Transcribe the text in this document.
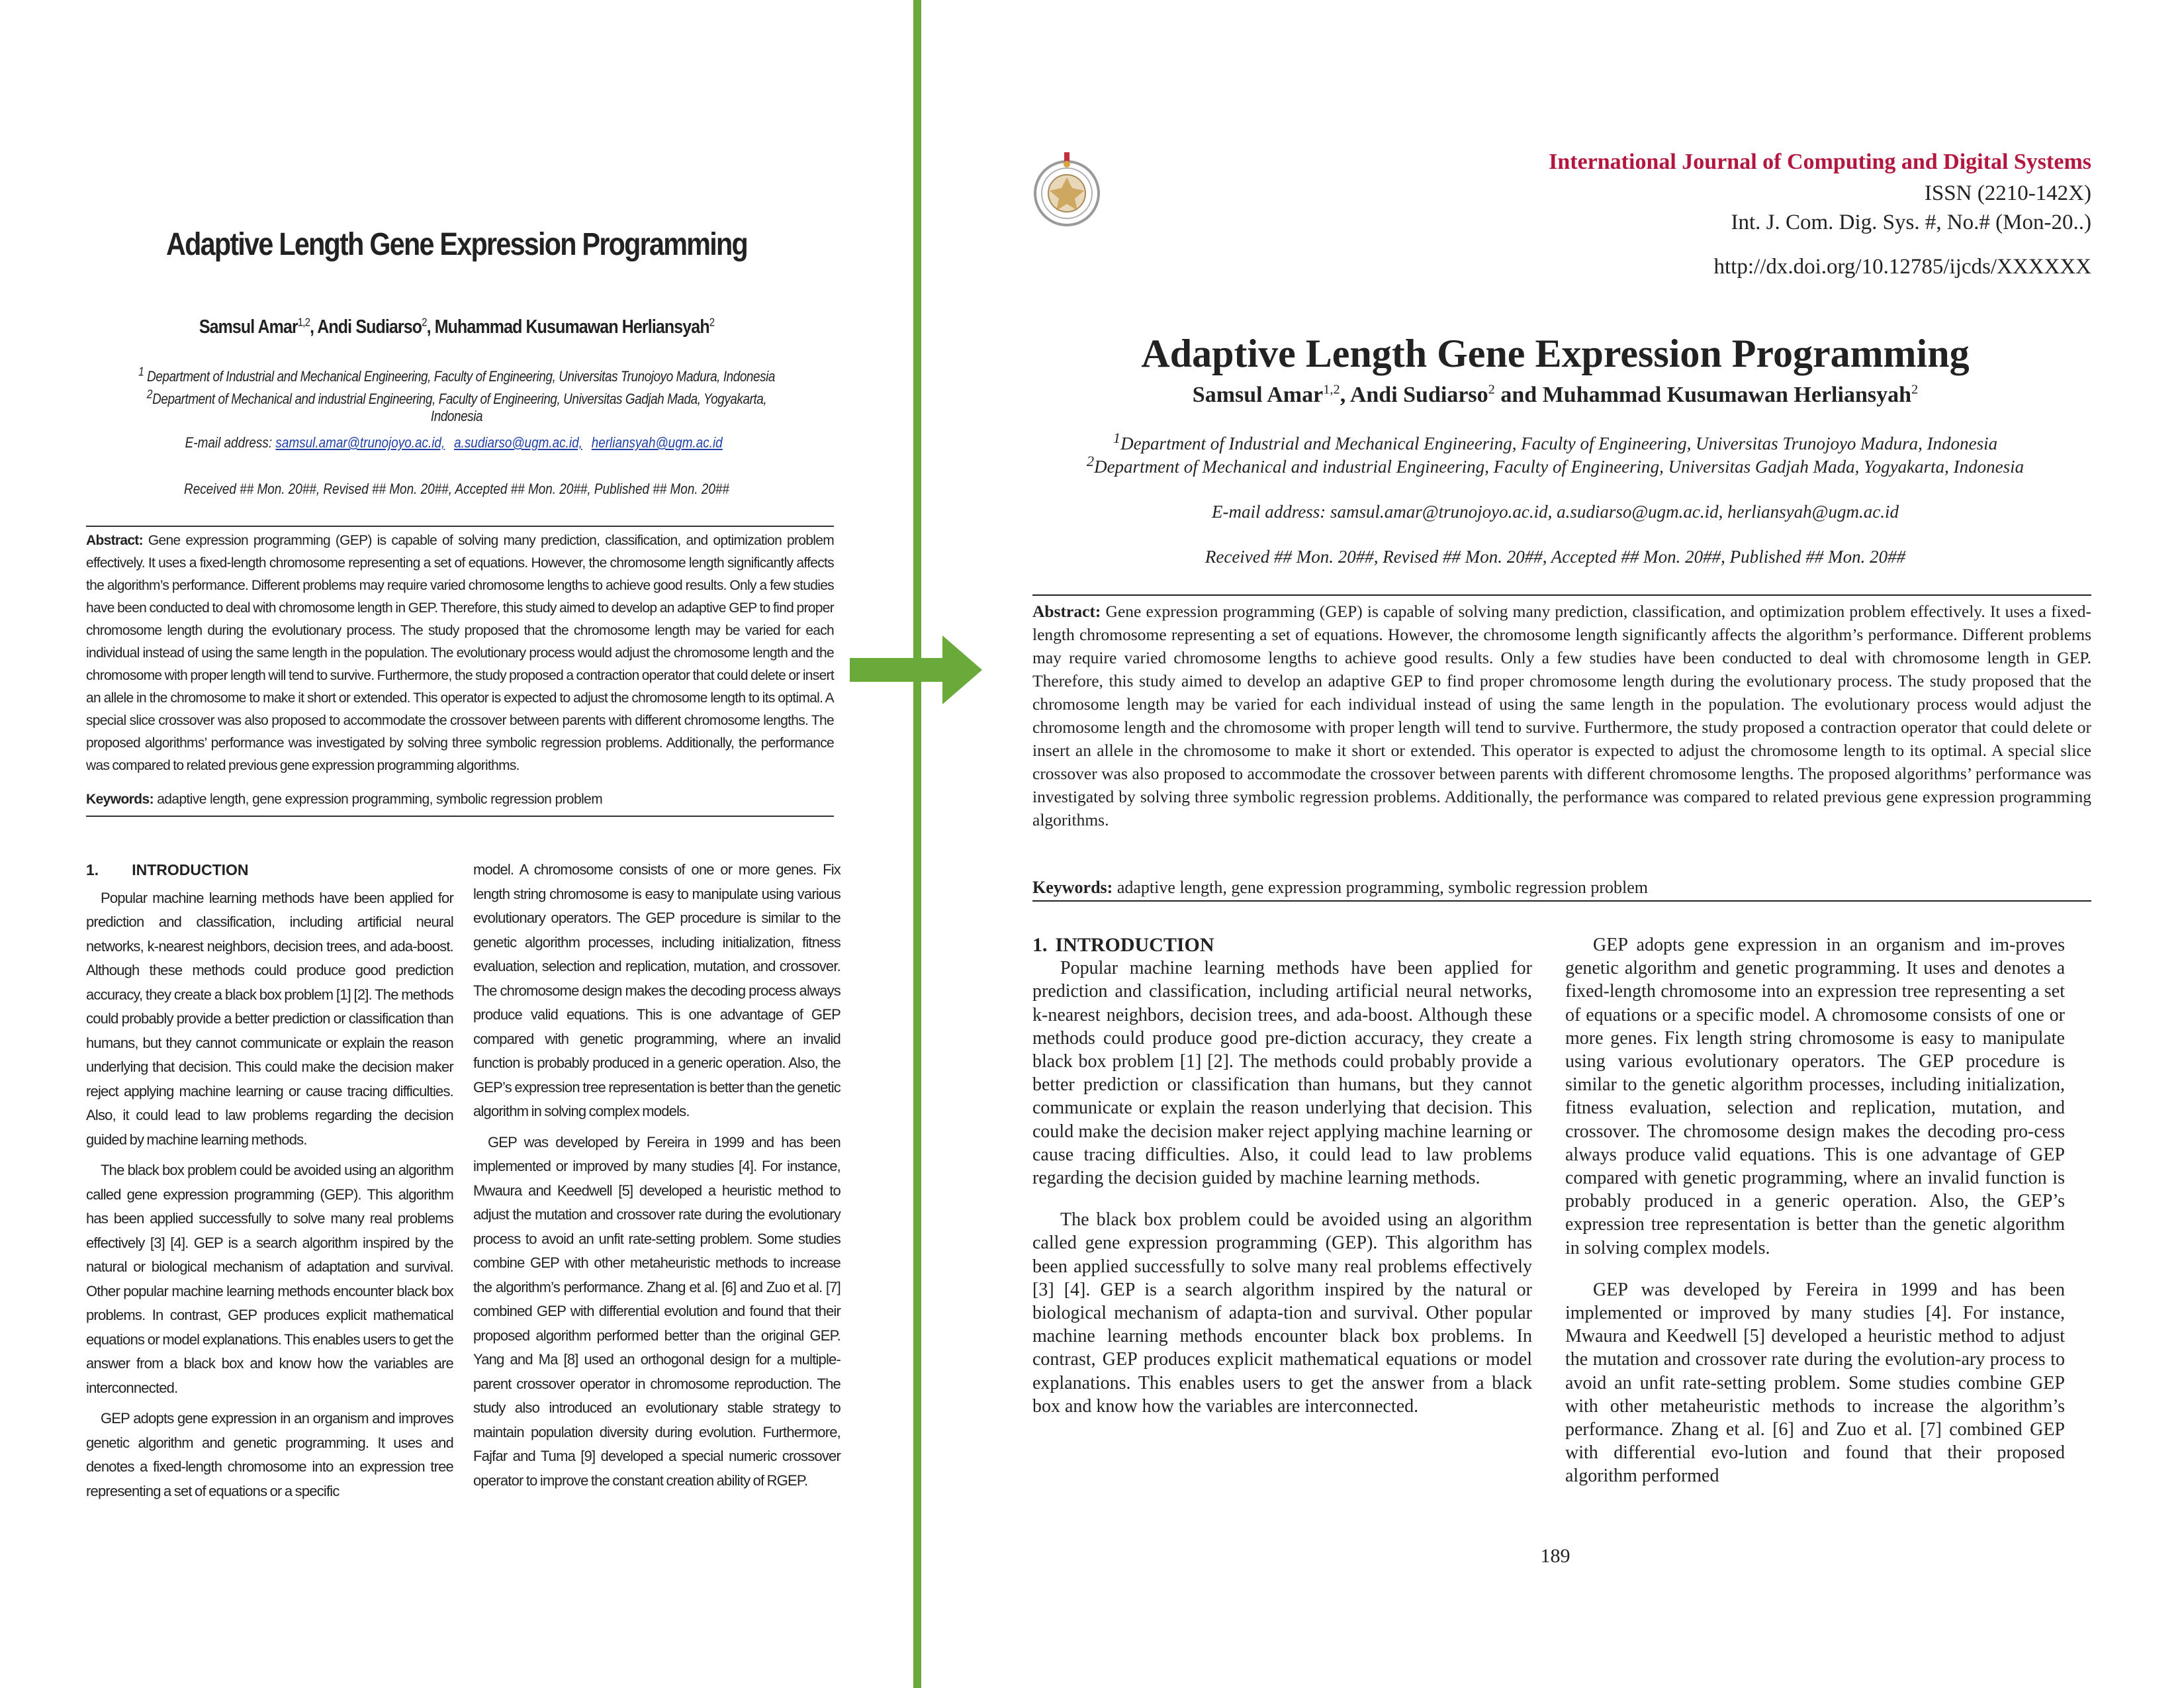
Adaptive Length Gene Expression Programming
Samsul Amar$^{1,2}$, Andi Sudiarso$^2$, Muhammad Kusumawan Herliansyah$^2$
$^1$ Department of Industrial and Mechanical Engineering, Faculty of Engineering, Universitas Trunojoyo Madura, Indonesia
$^2$Department of Mechanical and industrial Engineering, Faculty of Engineering, Universitas Gadjah Mada, Yogyakarta, Indonesia
E-mail address: samsul.amar@trunojoyo.ac.id, a.sudiarso@ugm.ac.id, herliansyah@ugm.ac.id
Received ## Mon. 20##, Revised ## Mon. 20##, Accepted ## Mon. 20##, Published ## Mon. 20##
Abstract: Gene expression programming (GEP) is capable of solving many prediction, classification, and optimization problem effectively. It uses a fixed-length chromosome representing a set of equations. However, the chromosome length significantly affects the algorithm’s performance. Different problems may require varied chromosome lengths to achieve good results. Only a few studies have been conducted to deal with chromosome length in GEP. Therefore, this study aimed to develop an adaptive GEP to find proper chromosome length during the evolutionary process. The study proposed that the chromosome length may be varied for each individual instead of using the same length in the population. The evolutionary process would adjust the chromosome length and the chromosome with proper length will tend to survive. Furthermore, the study proposed a contraction operator that could delete or insert an allele in the chromosome to make it short or extended. This operator is expected to adjust the chromosome length to its optimal. A special slice crossover was also proposed to accommodate the crossover between parents with different chromosome lengths. The proposed algorithms’ performance was investigated by solving three symbolic regression problems. Additionally, the performance was compared to related previous gene expression programming algorithms.
Keywords: adaptive length, gene expression programming, symbolic regression problem
1. INTRODUCTION

Popular machine learning methods have been applied for prediction and classification, including artificial neural networks, k-nearest neighbors, decision trees, and ada-boost. Although these methods could produce good prediction accuracy, they create a black box problem [1] [2]. The methods could probably provide a better prediction or classification than humans, but they cannot communicate or explain the reason underlying that decision. This could make the decision maker reject applying machine learning or cause tracing difficulties. Also, it could lead to law problems regarding the decision guided by machine learning methods.

The black box problem could be avoided using an algorithm called gene expression programming (GEP). This algorithm has been applied successfully to solve many real problems effectively [3] [4]. GEP is a search algorithm inspired by the natural or biological mechanism of adaptation and survival. Other popular machine learning methods encounter black box problems. In contrast, GEP produces explicit mathematical equations or model explanations. This enables users to get the answer from a black box and know how the variables are interconnected.

GEP adopts gene expression in an organism and improves genetic algorithm and genetic programming. It uses and denotes a fixed-length chromosome into an expression tree representing a set of equations or a specific

model. A chromosome consists of one or more genes. Fix length string chromosome is easy to manipulate using various evolutionary operators. The GEP procedure is similar to the genetic algorithm processes, including initialization, fitness evaluation, selection and replication, mutation, and crossover. The chromosome design makes the decoding process always produce valid equations. This is one advantage of GEP compared with genetic programming, where an invalid function is probably produced in a generic operation. Also, the GEP’s expression tree representation is better than the genetic algorithm in solving complex models.

GEP was developed by Fereira in 1999 and has been implemented or improved by many studies [4]. For instance, Mwaura and Keedwell [5] developed a heuristic method to adjust the mutation and crossover rate during the evolutionary process to avoid an unfit rate-setting problem. Some studies combine GEP with other metaheuristic methods to increase the algorithm’s performance. Zhang et al. [6] and Zuo et al. [7] combined GEP with differential evolution and found that their proposed algorithm performed better than the original GEP. Yang and Ma [8] used an orthogonal design for a multiple-parent crossover operator in chromosome reproduction. The study also introduced an evolutionary stable strategy to maintain population diversity during evolution. Furthermore, Fajfar and Tuma [9] developed a special numeric crossover operator to improve the constant creation ability of RGEP.

International Journal of Computing and Digital Systems
ISSN (2210-142X)
Int. J. Com. Dig. Sys. #, No.# (Mon-20..)
http://dx.doi.org/10.12785/ijcds/XXXXXX
Adaptive Length Gene Expression Programming
Samsul Amar$^{1,2}$, Andi Sudiarso$^2$ and Muhammad Kusumawan Herliansyah$^2$
$^1$Department of Industrial and Mechanical Engineering, Faculty of Engineering, Universitas Trunojoyo Madura, Indonesia
$^2$Department of Mechanical and industrial Engineering, Faculty of Engineering, Universitas Gadjah Mada, Yogyakarta, Indonesia
E-mail address: samsul.amar@trunojoyo.ac.id, a.sudiarso@ugm.ac.id, herliansyah@ugm.ac.id
Received ## Mon. 20##, Revised ## Mon. 20##, Accepted ## Mon. 20##, Published ## Mon. 20##
Abstract: Gene expression programming (GEP) is capable of solving many prediction, classification, and optimization problem effectively. It uses a fixed-length chromosome representing a set of equations. However, the chromosome length significantly affects the algorithm’s performance. Different problems may require varied chromosome lengths to achieve good results. Only a few studies have been conducted to deal with chromosome length in GEP. Therefore, this study aimed to develop an adaptive GEP to find proper chromosome length during the evolutionary process. The study proposed that the chromosome length may be varied for each individual instead of using the same length in the population. The evolutionary process would adjust the chromosome length and the chromosome with proper length will tend to survive. Furthermore, the study proposed a contraction operator that could delete or insert an allele in the chromosome to make it short or extended. This operator is expected to adjust the chromosome length to its optimal. A special slice crossover was also proposed to accommodate the crossover between parents with different chromosome lengths. The proposed algorithms’ performance was investigated by solving three symbolic regression problems. Additionally, the performance was compared to related previous gene expression programming algorithms.
Keywords: adaptive length, gene expression programming, symbolic regression problem
1. INTRODUCTION

Popular machine learning methods have been applied for prediction and classification, including artificial neural networks, k-nearest neighbors, decision trees, and ada-boost. Although these methods could produce good pre-diction accuracy, they create a black box problem [1] [2]. The methods could probably provide a better prediction or classification than humans, but they cannot communicate or explain the reason underlying that decision. This could make the decision maker reject applying machine learning or cause tracing difficulties. Also, it could lead to law problems regarding the decision guided by machine learning methods.

The black box problem could be avoided using an algorithm called gene expression programming (GEP). This algorithm has been applied successfully to solve many real problems effectively [3] [4]. GEP is a search algorithm inspired by the natural or biological mechanism of adapta-tion and survival. Other popular machine learning methods encounter black box problems. In contrast, GEP produces explicit mathematical equations or model explanations. This enables users to get the answer from a black box and know how the variables are interconnected.

GEP adopts gene expression in an organism and im-proves genetic algorithm and genetic programming. It uses and denotes a fixed-length chromosome into an expression tree representing a set of equations or a specific model. A chromosome consists of one or more genes. Fix length string chromosome is easy to manipulate using various evolutionary operators. The GEP procedure is similar to the genetic algorithm processes, including initialization, fitness evaluation, selection and replication, mutation, and crossover. The chromosome design makes the decoding pro-cess always produce valid equations. This is one advantage of GEP compared with genetic programming, where an invalid function is probably produced in a generic operation. Also, the GEP’s expression tree representation is better than the genetic algorithm in solving complex models.

GEP was developed by Fereira in 1999 and has been implemented or improved by many studies [4]. For instance, Mwaura and Keedwell [5] developed a heuristic method to adjust the mutation and crossover rate during the evolution-ary process to avoid an unfit rate-setting problem. Some studies combine GEP with other metaheuristic methods to increase the algorithm’s performance. Zhang et al. [6] and Zuo et al. [7] combined GEP with differential evo-lution and found that their proposed algorithm performed

189
